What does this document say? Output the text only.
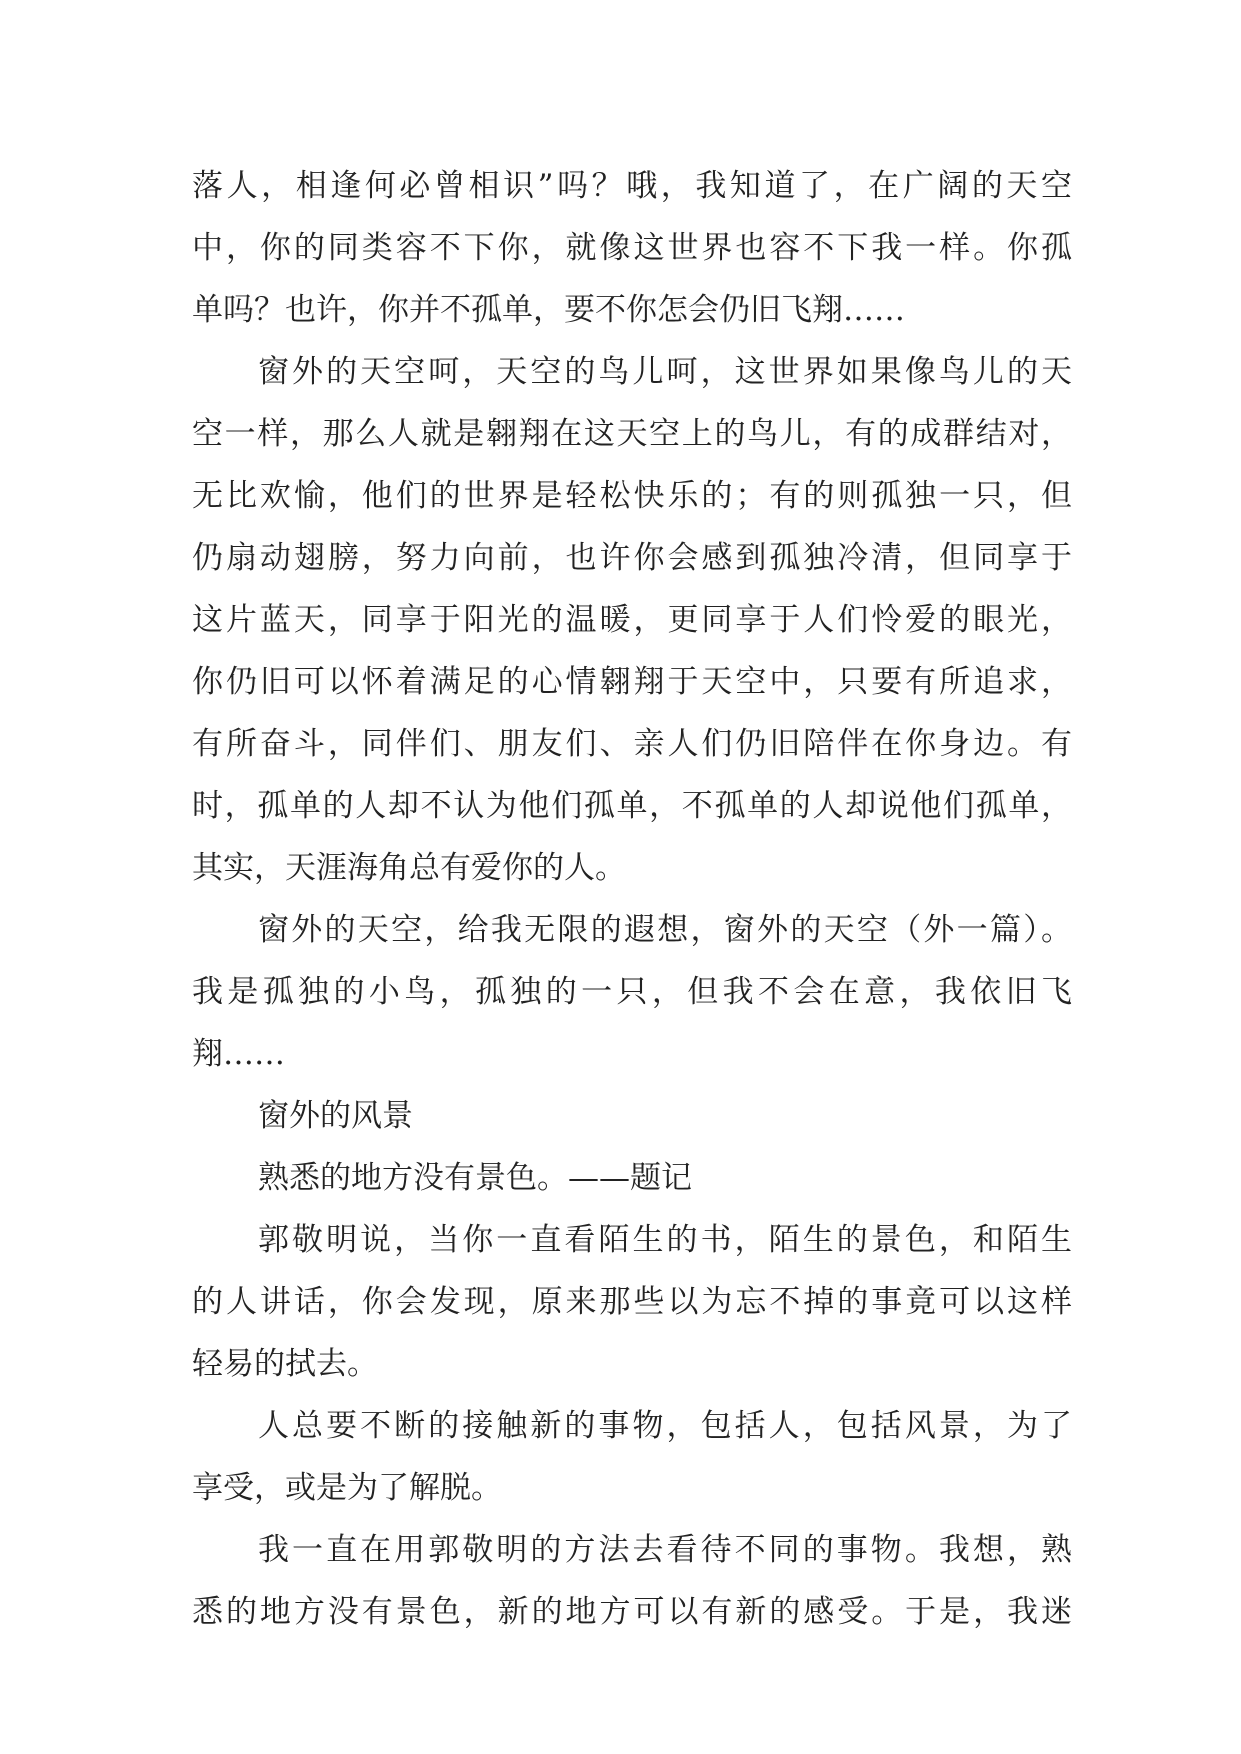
落人，相逢何必曾相识”吗？哦，我知道了，在广阔的天空
中，你的同类容不下你，就像这世界也容不下我一样。你孤
单吗？也许，你并不孤单，要不你怎会仍旧飞翔……
窗外的天空呵，天空的鸟儿呵，这世界如果像鸟儿的天
空一样，那么人就是翱翔在这天空上的鸟儿，有的成群结对，
无比欢愉，他们的世界是轻松快乐的；有的则孤独一只，但
仍扇动翅膀，努力向前，也许你会感到孤独冷清，但同享于
这片蓝天，同享于阳光的温暖，更同享于人们怜爱的眼光，
你仍旧可以怀着满足的心情翱翔于天空中，只要有所追求，
有所奋斗，同伴们、朋友们、亲人们仍旧陪伴在你身边。有
时，孤单的人却不认为他们孤单，不孤单的人却说他们孤单，
其实，天涯海角总有爱你的人。
窗外的天空，给我无限的遐想，窗外的天空（外一篇）。
我是孤独的小鸟，孤独的一只，但我不会在意，我依旧飞
翔……
窗外的风景
熟悉的地方没有景色。——题记
郭敬明说，当你一直看陌生的书，陌生的景色，和陌生
的人讲话，你会发现，原来那些以为忘不掉的事竟可以这样
轻易的拭去。
人总要不断的接触新的事物，包括人，包括风景，为了
享受，或是为了解脱。
我一直在用郭敬明的方法去看待不同的事物。我想，熟
悉的地方没有景色，新的地方可以有新的感受。于是，我迷
